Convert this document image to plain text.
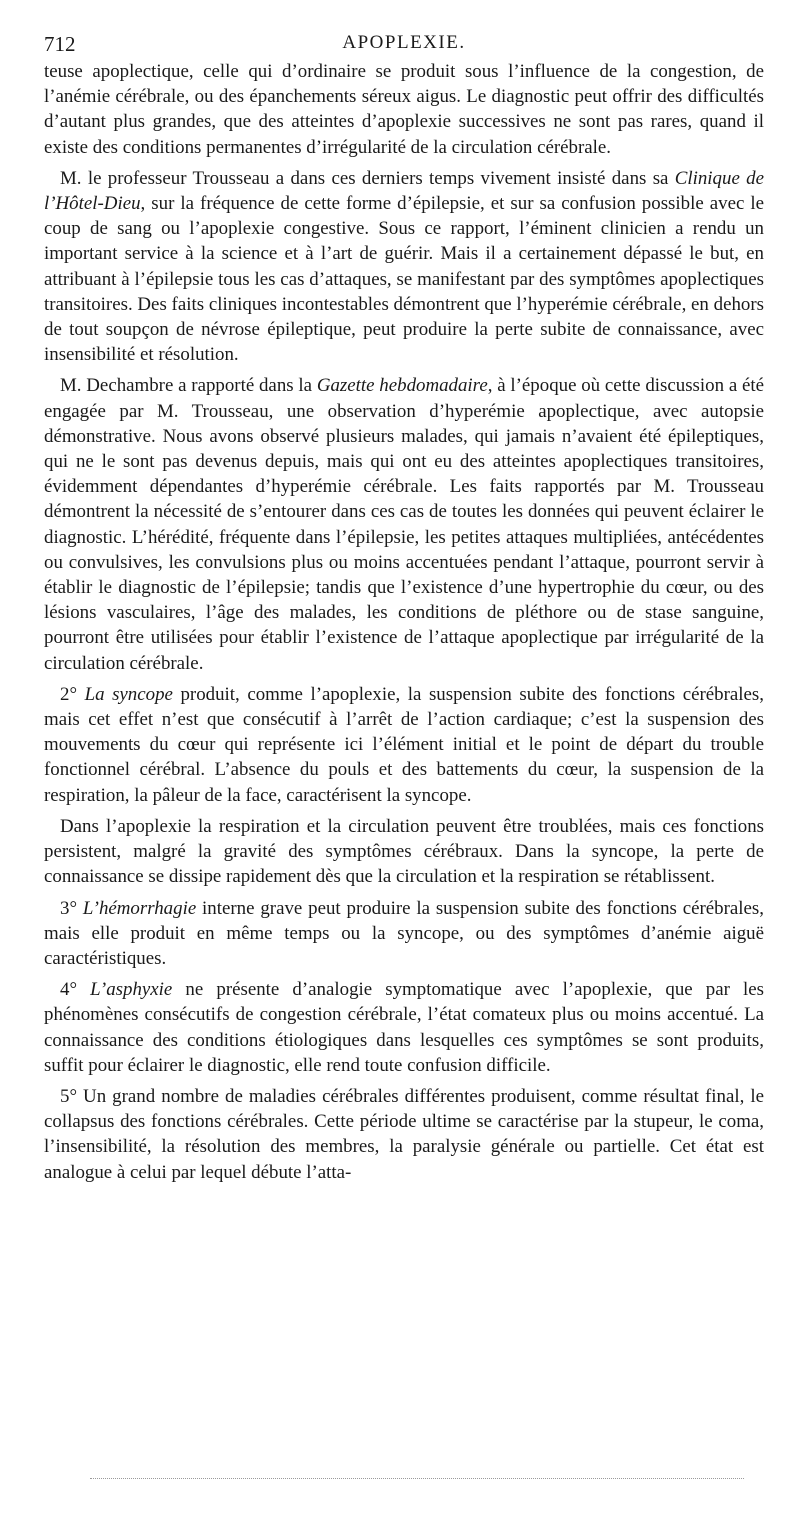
712	APOPLEXIE.

teuse apoplectique, celle qui d’ordinaire se produit sous l’influence de la congestion, de l’anémie cérébrale, ou des épanchements séreux aigus. Le diagnostic peut offrir des difficultés d’autant plus grandes, que des atteintes d’apoplexie successives ne sont pas rares, quand il existe des conditions permanentes d’irrégularité de la circulation cérébrale.

M. le professeur Trousseau a dans ces derniers temps vivement insisté dans sa Clinique de l’Hôtel-Dieu, sur la fréquence de cette forme d’épilepsie, et sur sa confusion possible avec le coup de sang ou l’apoplexie congestive. Sous ce rapport, l’éminent clinicien a rendu un important service à la science et à l’art de guérir. Mais il a certainement dépassé le but, en attribuant à l’épilepsie tous les cas d’attaques, se manifestant par des symptômes apoplectiques transitoires. Des faits cliniques incontestables démontrent que l’hyperémie cérébrale, en dehors de tout soupçon de névrose épileptique, peut produire la perte subite de connaissance, avec insensibilité et résolution.

M. Dechambre a rapporté dans la Gazette hebdomadaire, à l’époque où cette discussion a été engagée par M. Trousseau, une observation d’hyperémie apoplectique, avec autopsie démonstrative. Nous avons observé plusieurs malades, qui jamais n’avaient été épileptiques, qui ne le sont pas devenus depuis, mais qui ont eu des atteintes apoplectiques transitoires, évidemment dépendantes d’hyperémie cérébrale. Les faits rapportés par M. Trousseau démontrent la nécessité de s’entourer dans ces cas de toutes les données qui peuvent éclairer le diagnostic. L’hérédité, fréquente dans l’épilepsie, les petites attaques multipliées, antécédentes ou convulsives, les convulsions plus ou moins accentuées pendant l’attaque, pourront servir à établir le diagnostic de l’épilepsie; tandis que l’existence d’une hypertrophie du cœur, ou des lésions vasculaires, l’âge des malades, les conditions de pléthore ou de stase sanguine, pourront être utilisées pour établir l’existence de l’attaque apoplectique par irrégularité de la circulation cérébrale.

2° La syncope produit, comme l’apoplexie, la suspension subite des fonctions cérébrales, mais cet effet n’est que consécutif à l’arrêt de l’action cardiaque; c’est la suspension des mouvements du cœur qui représente ici l’élément initial et le point de départ du trouble fonctionnel cérébral. L’absence du pouls et des battements du cœur, la suspension de la respiration, la pâleur de la face, caractérisent la syncope.

Dans l’apoplexie la respiration et la circulation peuvent être troublées, mais ces fonctions persistent, malgré la gravité des symptômes cérébraux. Dans la syncope, la perte de connaissance se dissipe rapidement dès que la circulation et la respiration se rétablissent.

3° L’hémorrhagie interne grave peut produire la suspension subite des fonctions cérébrales, mais elle produit en même temps ou la syncope, ou des symptômes d’anémie aiguë caractéristiques.

4° L’asphyxie ne présente d’analogie symptomatique avec l’apoplexie, que par les phénomènes consécutifs de congestion cérébrale, l’état comateux plus ou moins accentué. La connaissance des conditions étiologiques dans lesquelles ces symptômes se sont produits, suffit pour éclairer le diagnostic, elle rend toute confusion difficile.

5° Un grand nombre de maladies cérébrales différentes produisent, comme résultat final, le collapsus des fonctions cérébrales. Cette période ultime se caractérise par la stupeur, le coma, l’insensibilité, la résolution des membres, la paralysie générale ou partielle. Cet état est analogue à celui par lequel débute l’atta-
